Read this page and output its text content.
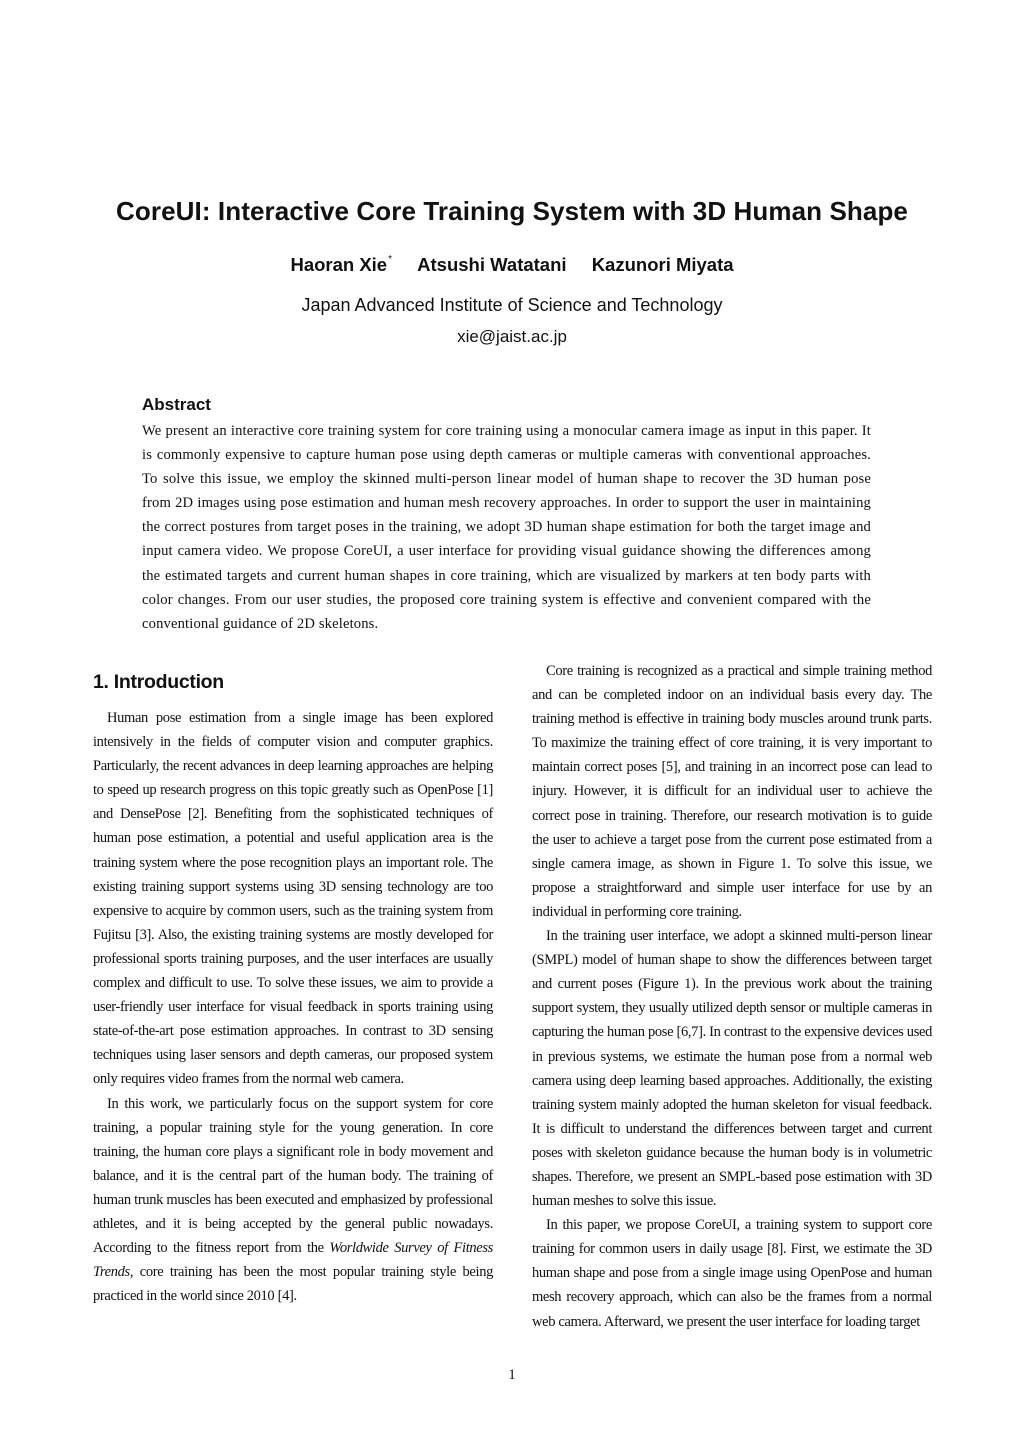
CoreUI: Interactive Core Training System with 3D Human Shape
Haoran Xie* Atsushi Watatani Kazunori Miyata
Japan Advanced Institute of Science and Technology
xie@jaist.ac.jp
Abstract

We present an interactive core training system for core training using a monocular camera image as input in this paper. It is commonly expensive to capture human pose using depth cameras or multiple cameras with conventional approaches. To solve this issue, we employ the skinned multi-person linear model of human shape to recover the 3D human pose from 2D images using pose estimation and human mesh recovery approaches. In order to support the user in maintaining the correct postures from target poses in the training, we adopt 3D human shape estimation for both the target image and input camera video. We propose CoreUI, a user interface for providing visual guidance showing the differences among the estimated targets and current human shapes in core training, which are visualized by markers at ten body parts with color changes. From our user studies, the proposed core training system is effective and convenient compared with the conventional guidance of 2D skeletons.

1. Introduction

Human pose estimation from a single image has been explored intensively in the fields of computer vision and computer graphics. Particularly, the recent advances in deep learning approaches are helping to speed up research progress on this topic greatly such as OpenPose [1] and DensePose [2]. Benefiting from the sophisticated techniques of human pose estimation, a potential and useful application area is the training system where the pose recognition plays an important role. The existing training support systems using 3D sensing technology are too expensive to acquire by common users, such as the training system from Fujitsu [3]. Also, the existing training systems are mostly developed for professional sports training purposes, and the user interfaces are usually complex and difficult to use. To solve these issues, we aim to provide a user-friendly user interface for visual feedback in sports training using state-of-the-art pose estimation approaches. In contrast to 3D sensing techniques using laser sensors and depth cameras, our proposed system only requires video frames from the normal web camera.

In this work, we particularly focus on the support system for core training, a popular training style for the young generation. In core training, the human core plays a significant role in body movement and balance, and it is the central part of the human body. The training of human trunk muscles has been executed and emphasized by professional athletes, and it is being accepted by the general public nowadays. According to the fitness report from the Worldwide Survey of Fitness Trends, core training has been the most popular training style being practiced in the world since 2010 [4].

Core training is recognized as a practical and simple training method and can be completed indoor on an individual basis every day. The training method is effective in training body muscles around trunk parts. To maximize the training effect of core training, it is very important to maintain correct poses [5], and training in an incorrect pose can lead to injury. However, it is difficult for an individual user to achieve the correct pose in training. Therefore, our research motivation is to guide the user to achieve a target pose from the current pose estimated from a single camera image, as shown in Figure 1. To solve this issue, we propose a straightforward and simple user interface for use by an individual in performing core training.

In the training user interface, we adopt a skinned multi-person linear (SMPL) model of human shape to show the differences between target and current poses (Figure 1). In the previous work about the training support system, they usually utilized depth sensor or multiple cameras in capturing the human pose [6,7]. In contrast to the expensive devices used in previous systems, we estimate the human pose from a normal web camera using deep learning based approaches. Additionally, the existing training system mainly adopted the human skeleton for visual feedback. It is difficult to understand the differences between target and current poses with skeleton guidance because the human body is in volumetric shapes. Therefore, we present an SMPL-based pose estimation with 3D human meshes to solve this issue.

In this paper, we propose CoreUI, a training system to support core training for common users in daily usage [8]. First, we estimate the 3D human shape and pose from a single image using OpenPose and human mesh recovery approach, which can also be the frames from a normal web camera. Afterward, we present the user interface for loading target

1
